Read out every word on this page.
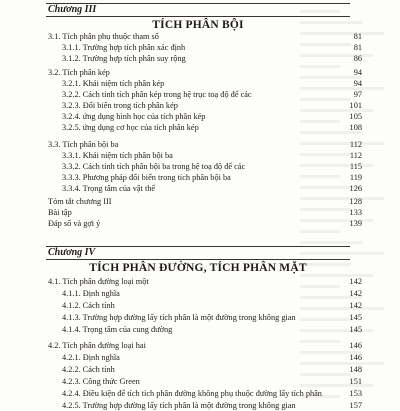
Chương III
TÍCH PHÂN BỘI
3.1. Tích phân phụ thuộc tham số	81
3.1.1. Trường hợp tích phân xác định	81
3.1.2. Trường hợp tích phân suy rộng	86
3.2. Tích phân kép	94
3.2.1. Khái niệm tích phân kép	94
3.2.2. Cách tính tích phân kép trong hệ trục toạ độ để các	97
3.2.3. Đổi biến trong tích phân kép	101
3.2.4. ứng dụng hình học của tích phân kép	105
3.2.5. ứng dụng cơ học của tích phân kép	108
3.3. Tích phân bội ba	112
3.3.1. Khái niệm tích phân bội ba	112
3.3.2. Cách tính tích phân bội ba trong hệ toạ độ để các	115
3.3.3. Phương pháp đổi biến trong tích phân bội ba	119
3.3.4. Trọng tâm của vật thể	126
Tóm tắt chương III	128
Bài tập	133
Đáp số và gợi ý	139
Chương IV
TÍCH PHÂN ĐƯỜNG, TÍCH PHÂN MẶT
4.1. Tích phân đường loại một	142
4.1.1. Định nghĩa	142
4.1.2. Cách tính	142
4.1.3. Trường hợp đường lấy tích phân là một đường trong không gian	145
4.1.4. Trọng tâm của cung đường	145
4.2. Tích phân đường loại hai	146
4.2.1. Định nghĩa	146
4.2.2. Cách tính	148
4.2.3. Công thức Green	151
4.2.4. Điều kiện để tích tích phân đường không phụ thuộc đường lấy tích phân	153
4.2.5. Trường hợp đường lấy tích phân là một đường trong không gian	157
